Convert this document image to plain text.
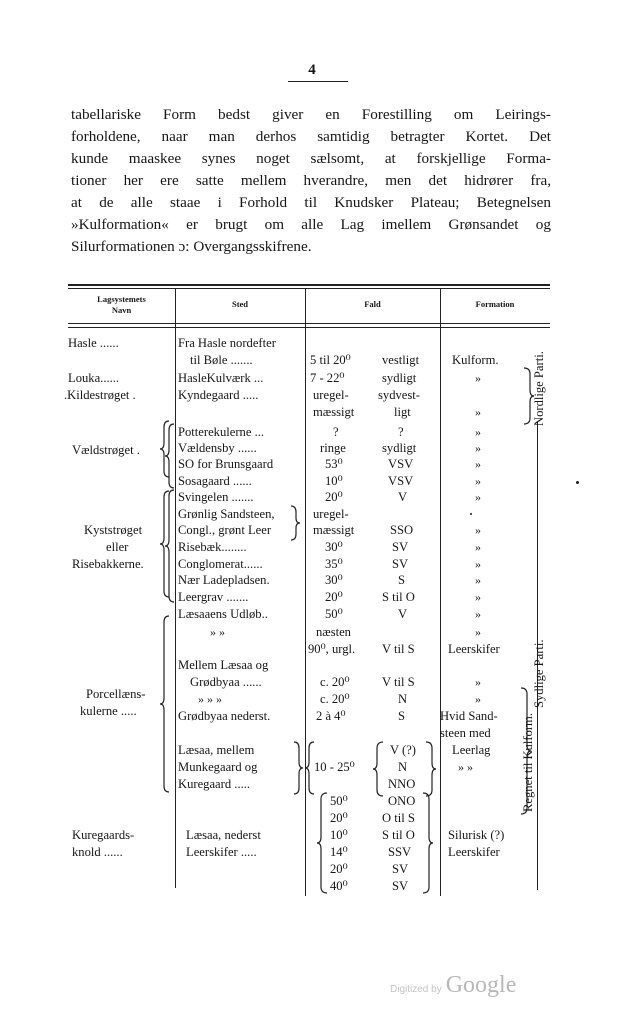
4
tabellariske Form bedst giver en Forestilling om Leirings-
forholdene, naar man derhos samtidig betragter Kortet. Det
kunde maaskee synes noget sælsomt, at forskjellige Forma-
tioner her ere satte mellem hverandre, men det hidrører fra,
at de alle staae i Forhold til Knudsker Plateau; Betegnelsen
»Kulformation« er brugt om alle Lag imellem Grønsandet og
Silurformationen ɔ: Overgangsskifrene.
Lagsystemets
Navn
Sted	Fald	Formation
Hasle ......
Louka......
.Kildestrøget .
Vældstrøget .
Kyststrøget
eller
Risebakkerne.
Porcellæns-
kulerne .....
Kuregaards-
knold ......
Fra Hasle nordefter
til Bøle .......
HasleKulværk ...
Kyndegaard .....
Potterekulerne ...
Vældensby ......
SO for Brunsgaard
Sosagaard ......
Svingelen .......
Grønlig Sandsteen,
Congl., grønt Leer
Risebæk........
Conglomerat......
Nær Ladepladsen.
Leergrav .......
Læsaaens Udløb..
» »
Mellem Læsaa og
Grødbyaa ......
» » »
Grødbyaa nederst.
Læsaa, mellem
Munkegaard og
Kuregaard .....
Læsaa, nederst
Leerskifer .....
5 til 20⁰
7 - 22⁰
uregel-
mæssigt
?
ringe
53⁰
10⁰
20⁰
uregel-
mæssigt
30⁰
35⁰
30⁰
20⁰
50⁰
næsten
90⁰, urgl.
c. 20⁰
c. 20⁰
2 à 4⁰
10 - 25⁰
50⁰
20⁰
10⁰
14⁰
20⁰
40⁰
vestligt
sydligt
sydvest-
ligt
?
sydligt
VSV
VSV
V
SSO
SV
SV
S
S til O
V
V til S
V til S
N
S
V (?)
N
NNO
ONO
O til S
S til O
SSV
SV
SV
Kulform.
»
»
»
»
»
»
»
»
»
»
»
»
»
»
Leerskifer
»
»
Hvid Sand-
steen med
Leerlag
» »
Silurisk (?)
Leerskifer
Nordlige Parti.
Sydlige Parti.
Regnet til Kulform.
Digitized by Google
